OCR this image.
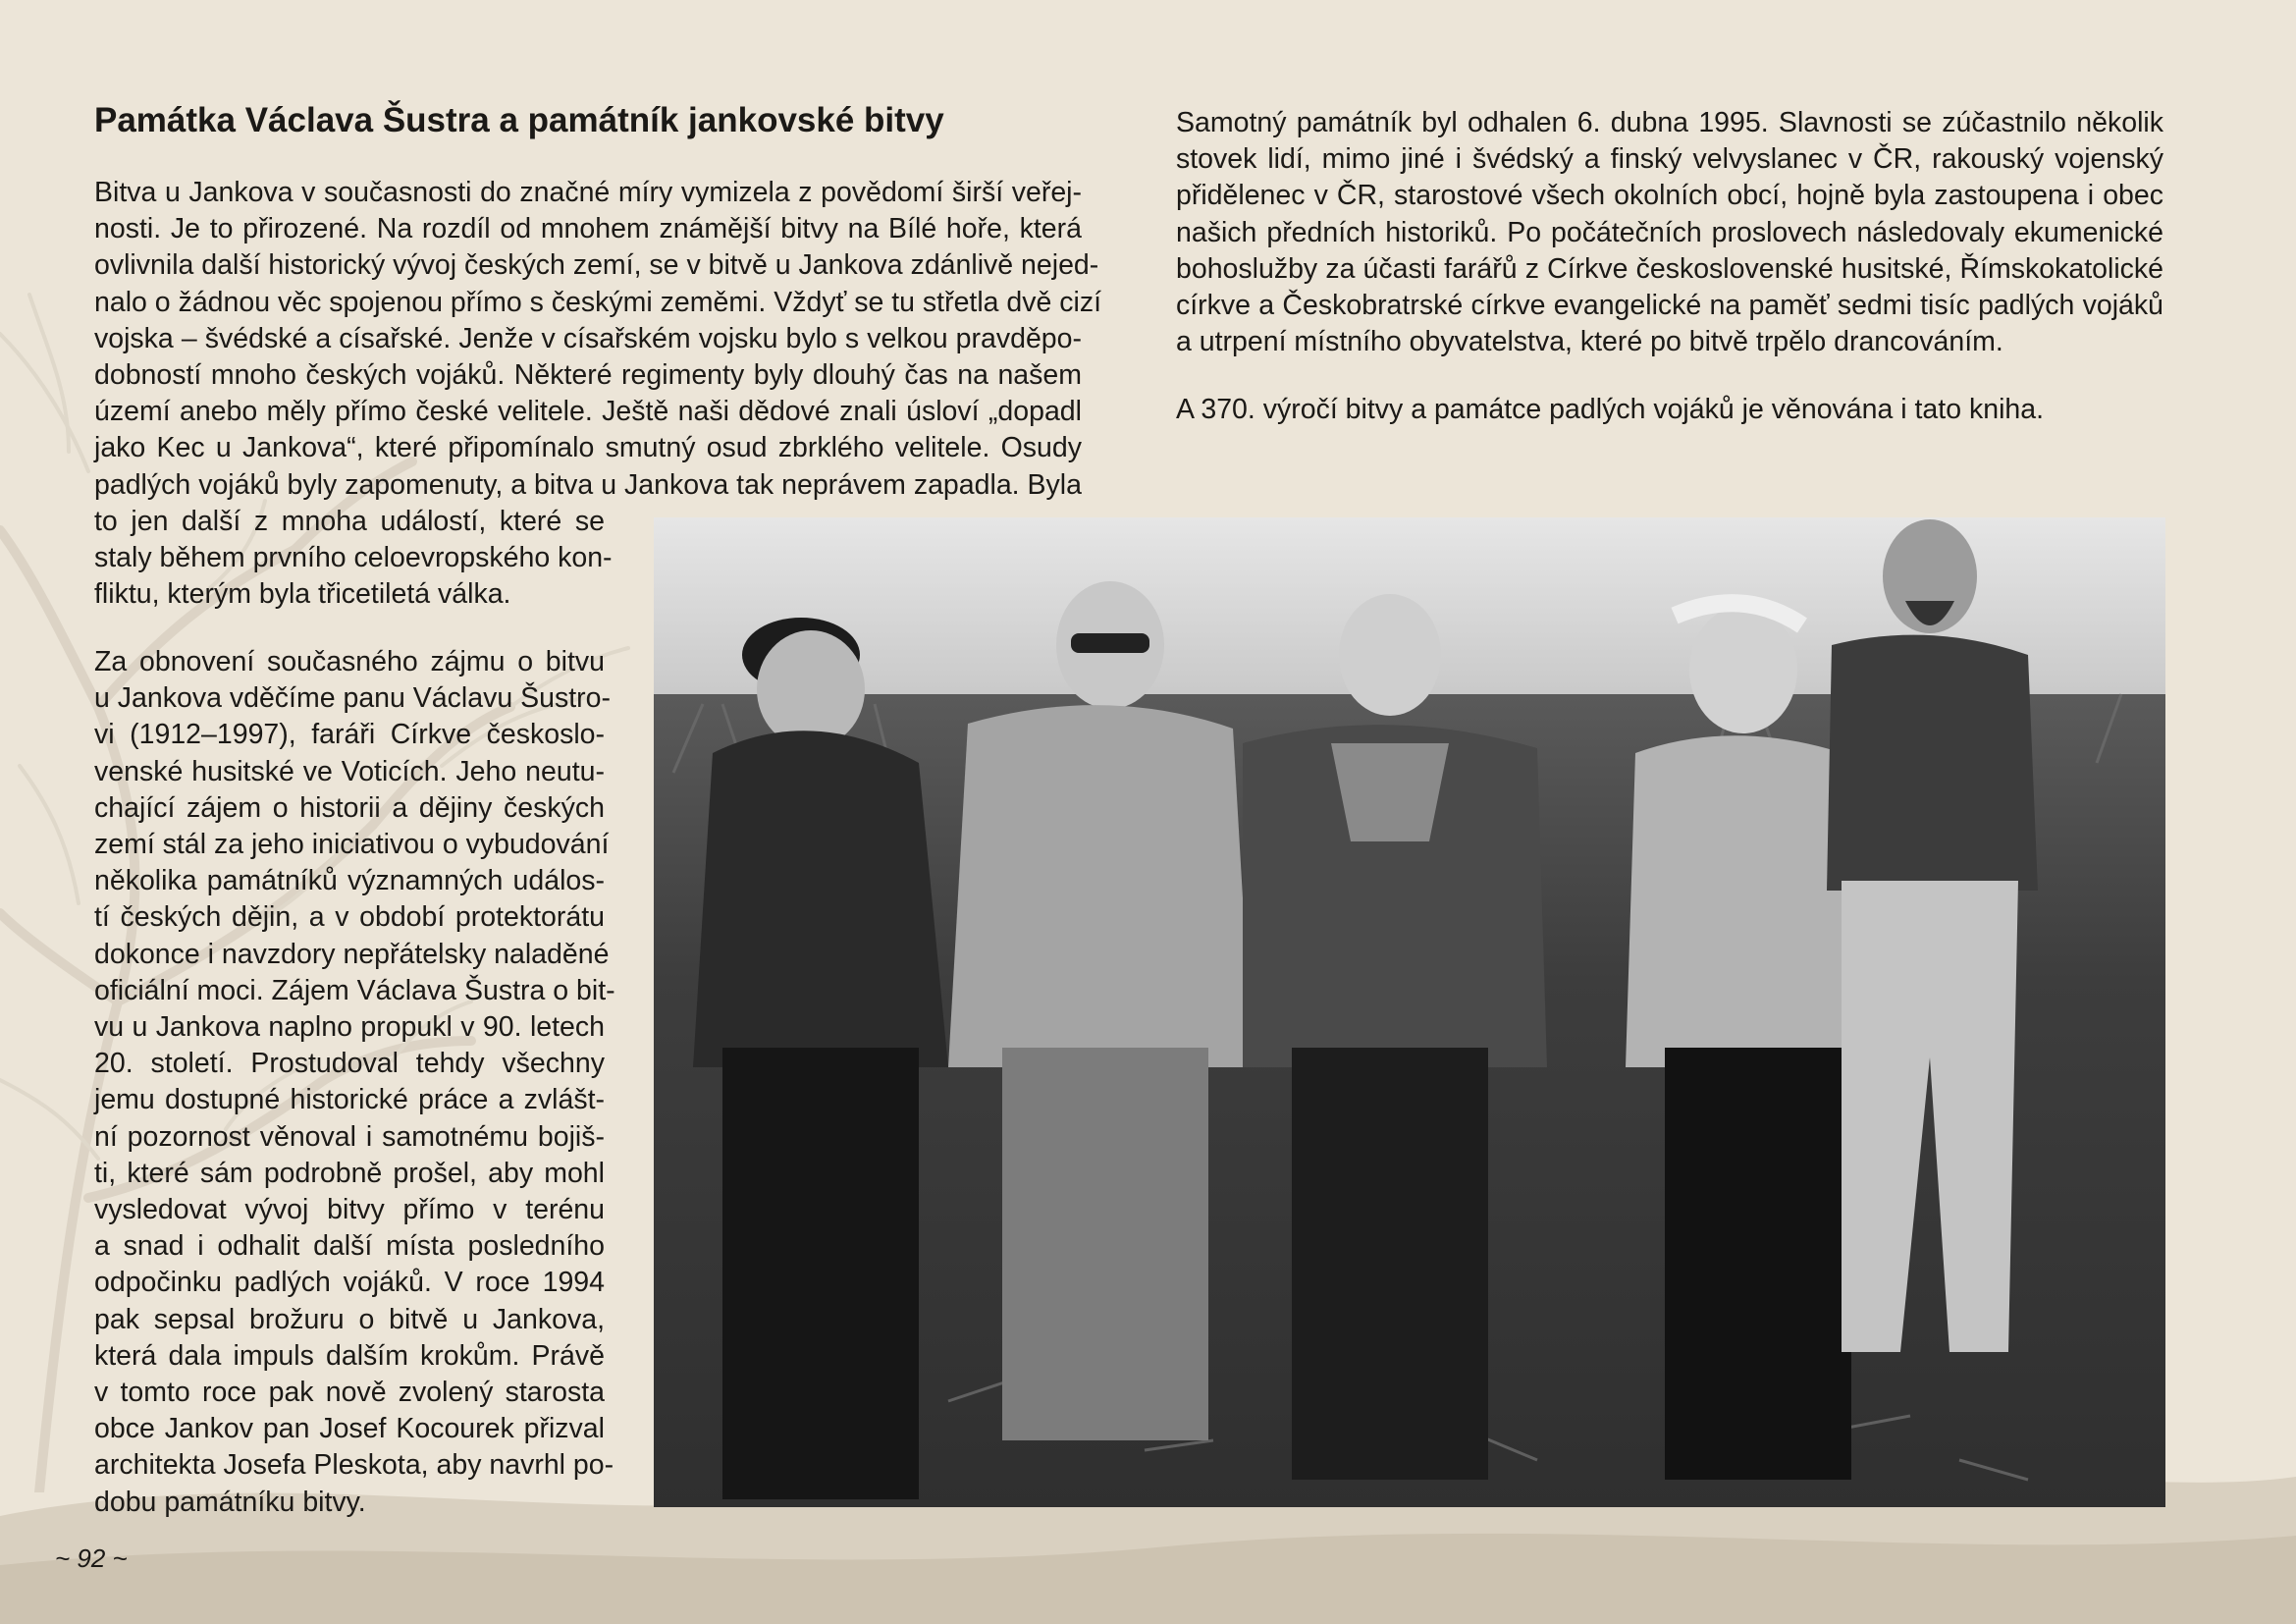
Památka Václava Šustra a památník jankovské bitvy

Bitva u Jankova v současnosti do značné míry vymizela z povědomí širší veřej-
nosti. Je to přirozené. Na rozdíl od mnohem známější bitvy na Bílé hoře, která
ovlivnila další historický vývoj českých zemí, se v bitvě u Jankova zdánlivě nejed-
nalo o žádnou věc spojenou přímo s českými zeměmi. Vždyť se tu střetla dvě cizí
vojska – švédské a císařské. Jenže v císařském vojsku bylo s velkou pravděpo-
dobností mnoho českých vojáků. Některé regimenty byly dlouhý čas na našem
území anebo měly přímo české velitele. Ještě naši dědové znali úsloví „dopadl
jako Kec u Jankova“, které připomínalo smutný osud zbrklého velitele. Osudy
padlých vojáků byly zapomenuty, a bitva u Jankova tak neprávem zapadla. Byla
to jen další z mnoha událostí, které se
staly během prvního celoevropského kon-
fliktu, kterým byla třicetiletá válka.

Za obnovení současného zájmu o bitvu
u Jankova vděčíme panu Václavu Šustro-
vi (1912–1997), faráři Církve českoslo-
venské husitské ve Voticích. Jeho neutu-
chající zájem o historii a dějiny českých
zemí stál za jeho iniciativou o vybudování
několika památníků významných událos-
tí českých dějin, a v období protektorátu
dokonce i navzdory nepřátelsky naladěné
oficiální moci. Zájem Václava Šustra o bit-
vu u Jankova naplno propukl v 90. letech
20. století. Prostudoval tehdy všechny
jemu dostupné historické práce a zvlášt-
ní pozornost věnoval i samotnému bojiš-
ti, které sám podrobně prošel, aby mohl
vysledovat vývoj bitvy přímo v terénu
a snad i odhalit další místa posledního
odpočinku padlých vojáků. V roce 1994
pak sepsal brožuru o bitvě u Jankova,
která dala impuls dalším krokům. Právě
v tomto roce pak nově zvolený starosta
obce Jankov pan Josef Kocourek přizval
architekta Josefa Pleskota, aby navrhl po-
dobu památníku bitvy.

Samotný památník byl odhalen 6. dubna 1995. Slavnosti se zúčastnilo několik
stovek lidí, mimo jiné i švédský a finský velvyslanec v ČR, rakouský vojenský
přidělenec v ČR, starostové všech okolních obcí, hojně byla zastoupena i obec
našich předních historiků. Po počátečních proslovech následovaly ekumenické
bohoslužby za účasti farářů z Církve československé husitské, Římskokatolické
církve a Českobratrské církve evangelické na paměť sedmi tisíc padlých vojáků
a utrpení místního obyvatelstva, které po bitvě trpělo drancováním.

A 370. výročí bitvy a památce padlých vojáků je věnována i tato kniha.

~ 92 ~
